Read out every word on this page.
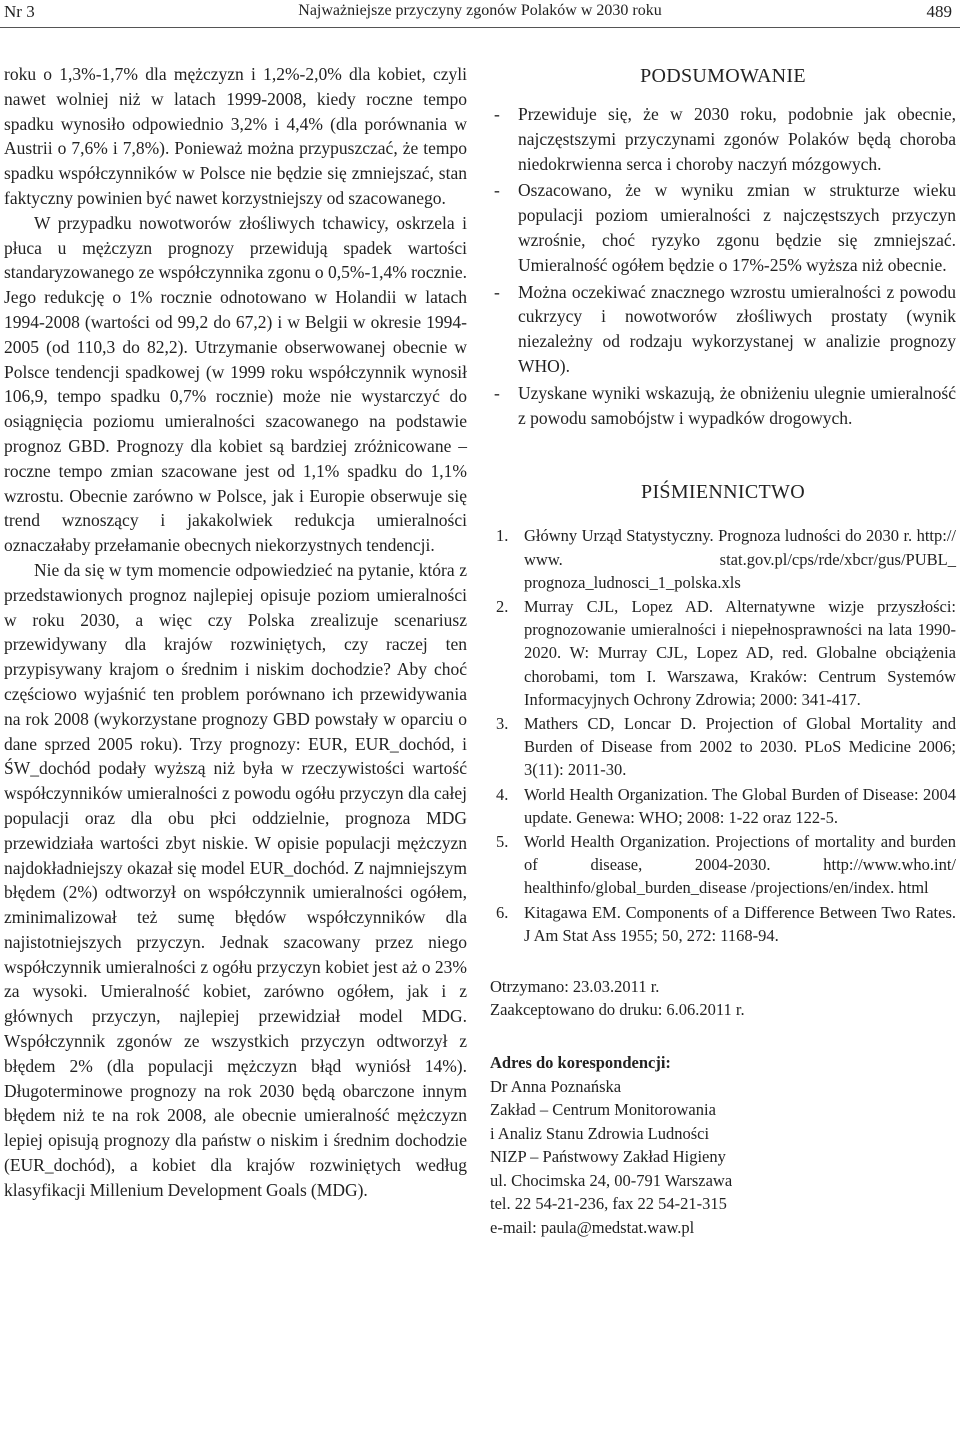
Nr 3	Najważniejsze przyczyny zgonów Polaków w 2030 roku	489

roku o 1,3%-1,7% dla mężczyzn i 1,2%-2,0% dla kobiet, czyli nawet wolniej niż w latach 1999-2008, kiedy roczne tempo spadku wynosiło odpowiednio 3,2% i 4,4% (dla porównania w Austrii o 7,6% i 7,8%). Ponieważ można przypuszczać, że tempo spadku współczynników w Polsce nie będzie się zmniejszać, stan faktyczny powinien być nawet korzystniejszy od szacowanego.

W przypadku nowotworów złośliwych tchawicy, oskrzela i płuca u mężczyzn prognozy przewidują spadek wartości standaryzowanego ze współczynnika zgonu o 0,5%-1,4% rocznie. Jego redukcję o 1% rocznie odnotowano w Holandii w latach 1994-2008 (wartości od 99,2 do 67,2) i w Belgii w okresie 1994-2005 (od 110,3 do 82,2). Utrzymanie obserwowanej obecnie w Polsce tendencji spadkowej (w 1999 roku współczynnik wynosił 106,9, tempo spadku 0,7% rocznie) może nie wystarczyć do osiągnięcia poziomu umieralności szacowanego na podstawie prognoz GBD. Prognozy dla kobiet są bardziej zróżnicowane – roczne tempo zmian szacowane jest od 1,1% spadku do 1,1% wzrostu. Obecnie zarówno w Polsce, jak i Europie obserwuje się trend wznoszący i jakakolwiek redukcja umieralności oznaczałaby przełamanie obecnych niekorzystnych tendencji.

Nie da się w tym momencie odpowiedzieć na pytanie, która z przedstawionych prognoz najlepiej opisuje poziom umieralności w roku 2030, a więc czy Polska zrealizuje scenariusz przewidywany dla krajów rozwiniętych, czy raczej ten przypisywany krajom o średnim i niskim dochodzie? Aby choć częściowo wyjaśnić ten problem porównano ich przewidywania na rok 2008 (wykorzystane prognozy GBD powstały w oparciu o dane sprzed 2005 roku). Trzy prognozy: EUR, EUR_dochód, i ŚW_dochód podały wyższą niż była w rzeczywistości wartość współczynników umieralności z powodu ogółu przyczyn dla całej populacji oraz dla obu płci oddzielnie, prognoza MDG przewidziała wartości zbyt niskie. W opisie populacji mężczyzn najdokładniejszy okazał się model EUR_dochód. Z najmniejszym błędem (2%) odtworzył on współczynnik umieralności ogółem, zminimalizował też sumę błędów współczynników dla najistotniejszych przyczyn. Jednak szacowany przez niego współczynnik umieralności z ogółu przyczyn kobiet jest aż o 23% za wysoki. Umieralność kobiet, zarówno ogółem, jak i z głównych przyczyn, najlepiej przewidział model MDG. Współczynnik zgonów ze wszystkich przyczyn odtworzył z błędem 2% (dla populacji mężczyzn błąd wyniósł 14%). Długoterminowe prognozy na rok 2030 będą obarczone innym błędem niż te na rok 2008, ale obecnie umieralność mężczyzn lepiej opisują prognozy dla państw o niskim i średnim dochodzie (EUR_dochód), a kobiet dla krajów rozwiniętych według klasyfikacji Millenium Development Goals (MDG).

PODSUMOWANIE
- Przewiduje się, że w 2030 roku, podobnie jak obecnie, najczęstszymi przyczynami zgonów Polaków będą choroba niedokrwienna serca i choroby naczyń mózgowych.
- Oszacowano, że w wyniku zmian w strukturze wieku populacji poziom umieralności z najczęstszych przyczyn wzrośnie, choć ryzyko zgonu będzie się zmniejszać. Umieralność ogółem będzie o 17%-25% wyższa niż obecnie.
- Można oczekiwać znacznego wzrostu umieralności z powodu cukrzycy i nowotworów złośliwych prostaty (wynik niezależny od rodzaju wykorzystanej w analizie prognozy WHO).
- Uzyskane wyniki wskazują, że obniżeniu ulegnie umieralność z powodu samobójstw i wypadków drogowych.
PIŚMIENNICTWO
1. Główny Urząd Statystyczny. Prognoza ludności do 2030 r. http:// www. stat.gov.pl/cps/rde/xbcr/gus/PUBL_ prognoza_ludnosci_1_polska.xls
2. Murray CJL, Lopez AD. Alternatywne wizje przyszłości: prognozowanie umieralności i niepełnosprawności na lata 1990-2020. W: Murray CJL, Lopez AD, red. Globalne obciążenia chorobami, tom I. Warszawa, Kraków: Centrum Systemów Informacyjnych Ochrony Zdrowia; 2000: 341-417.
3. Mathers CD, Loncar D. Projection of Global Mortality and Burden of Disease from 2002 to 2030. PLoS Medicine 2006; 3(11): 2011-30.
4. World Health Organization. The Global Burden of Disease: 2004 update. Genewa: WHO; 2008: 1-22 oraz 122-5.
5. World Health Organization. Projections of mortality and burden of disease, 2004-2030. http://www.who.int/ healthinfo/global_burden_disease /projections/en/index. html
6. Kitagawa EM. Components of a Difference Between Two Rates. J Am Stat Ass 1955; 50, 272: 1168-94.
Otrzymano: 23.03.2011 r.
Zaakceptowano do druku: 6.06.2011 r.
Adres do korespondencji:
Dr Anna Poznańska
Zakład – Centrum Monitorowania
i Analiz Stanu Zdrowia Ludności
NIZP – Państwowy Zakład Higieny
ul. Chocimska 24, 00-791 Warszawa
tel. 22 54-21-236, fax 22 54-21-315
e-mail: paula@medstat.waw.pl
